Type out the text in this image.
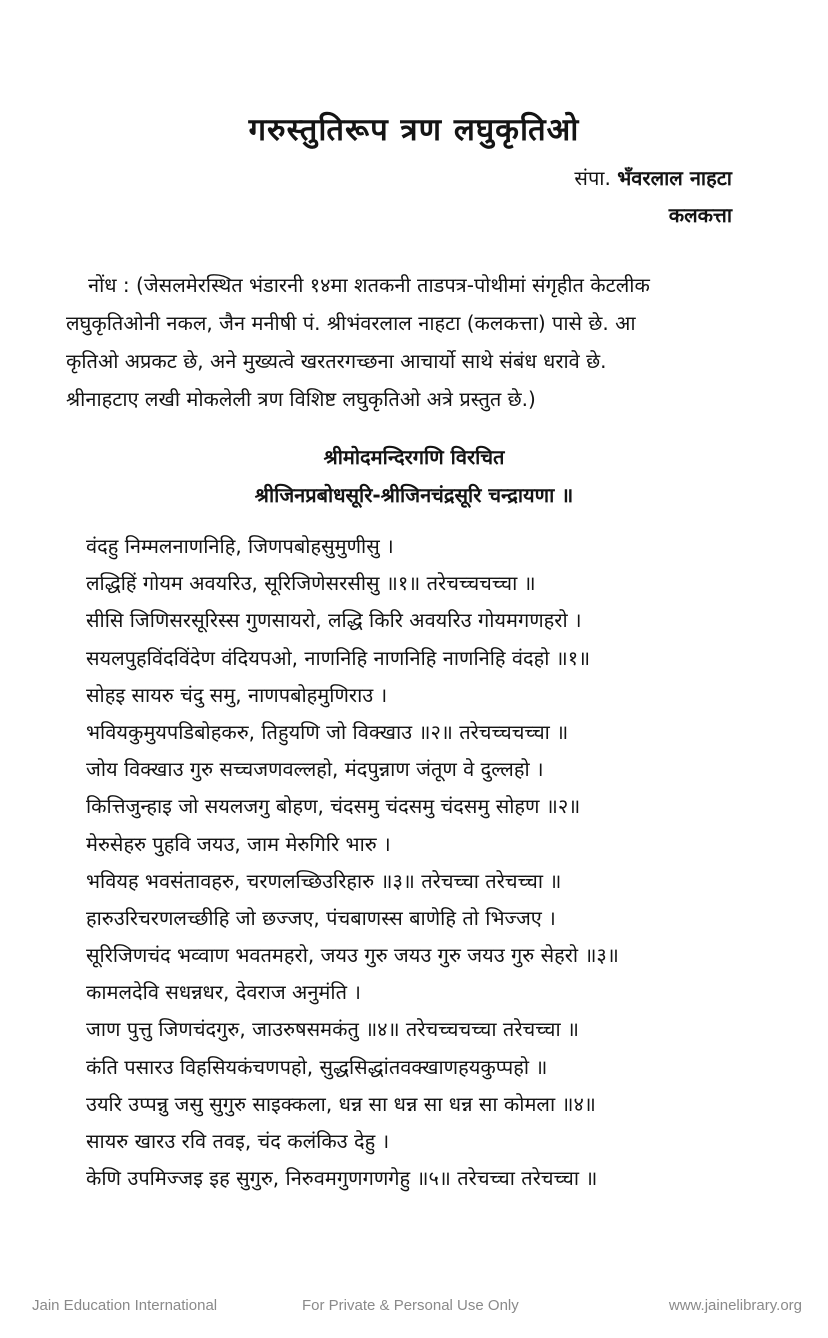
गरुस्तुतिरूप त्रण लघुकृतिओ
संपा. भँवरलाल नाहटा
कलकत्ता
नोंध : (जेसलमेरस्थित भंडारनी १४मा शतकनी ताडपत्र-पोथीमां संगृहीत केटलीक
लघुकृतिओनी नकल, जैन मनीषी पं. श्रीभंवरलाल नाहटा (कलकत्ता) पासे छे. आ
कृतिओ अप्रकट छे, अने मुख्यत्वे खरतरगच्छना आचार्यो साथे संबंध धरावे छे.
श्रीनाहटाए लखी मोकलेली त्रण विशिष्ट लघुकृतिओ अत्रे प्रस्तुत छे.)
श्रीमोदमन्दिरगणि विरचित
श्रीजिनप्रबोधसूरि-श्रीजिनचंद्रसूरि चन्द्रायणा ॥
वंदहु निम्मलनाणनिहि, जिणपबोहसुमुणीसु ।
लद्धिहिं गोयम अवयरिउ, सूरिजिणेसरसीसु ॥१॥ तरेचच्चचच्चा ॥
सीसि जिणिसरसूरिस्स गुणसायरो, लद्धि किरि अवयरिउ गोयमगणहरो ।
सयलपुहविंदविंदेण वंदियपओ, नाणनिहि नाणनिहि नाणनिहि वंदहो ॥१॥
सोहइ सायरु चंदु समु, नाणपबोहमुणिराउ ।
भवियकुमुयपडिबोहकरु, तिहुयणि जो विक्खाउ ॥२॥ तरेचच्चचच्चा ॥
जोय विक्खाउ गुरु सच्चजणवल्लहो, मंदपुन्नाण जंतूण वे दुल्लहो ।
कित्तिजुन्हाइ जो सयलजगु बोहण, चंदसमु चंदसमु चंदसमु सोहण ॥२॥
मेरुसेहरु पुहवि जयउ, जाम मेरुगिरि भारु ।
भवियह भवसंतावहरु, चरणलच्छिउरिहारु ॥३॥ तरेचच्चा तरेचच्चा ॥
हारुउरिचरणलच्छीहि जो छज्जए, पंचबाणस्स बाणेहि तो भिज्जए ।
सूरिजिणचंद भव्वाण भवतमहरो, जयउ गुरु जयउ गुरु जयउ गुरु सेहरो ॥३॥
कामलदेवि सधन्नधर, देवराज अनुमंति ।
जाण पुत्तु जिणचंदगुरु, जाउरुषसमकंतु ॥४॥ तरेचच्चचच्चा तरेचच्चा ॥
कंति पसारउ विहसियकंचणपहो, सुद्धसिद्धांतवक्खाणहयकुप्पहो ॥
उयरि उप्पन्नु जसु सुगुरु साइक्कला, धन्न सा धन्न सा धन्न सा कोमला ॥४॥
सायरु खारउ रवि तवइ, चंद कलंकिउ देहु ।
केणि उपमिज्जइ इह सुगुरु, निरुवमगुणगणगेहु ॥५॥ तरेचच्चा तरेचच्चा ॥
Jain Education International	For Private & Personal Use Only	www.jainelibrary.org
